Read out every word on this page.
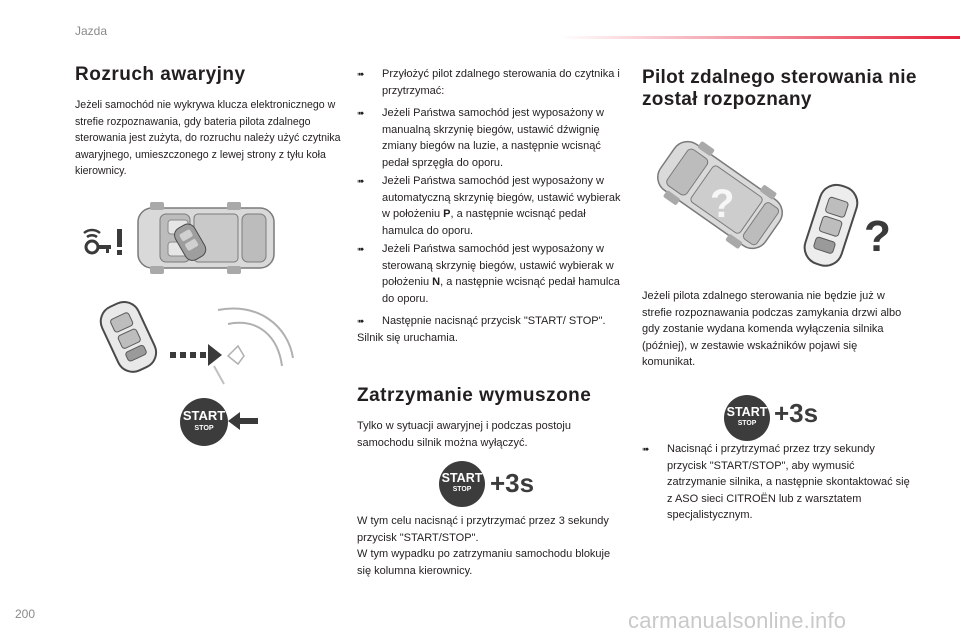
Jazda
Rozruch awaryjny

Jeżeli samochód nie wykrywa klucza elektronicznego w strefie rozpoznawania, gdy bateria pilota zdalnego sterowania jest zużyta, do rozruchu należy użyć czytnika awaryjnego, umieszczonego z lewej strony z tyłu koła kierownicy.

START
STOP
➠ Przyłożyć pilot zdalnego sterowania do czytnika i przytrzymać:
➠ Jeżeli Państwa samochód jest wyposażony w manualną skrzynię biegów, ustawić dźwignię zmiany biegów na luzie, a następnie wcisnąć pedał sprzęgła do oporu.
➠ Jeżeli Państwa samochód jest wyposażony w automatyczną skrzynię biegów, ustawić wybierak w położeniu P, a następnie wcisnąć pedał hamulca do oporu.
➠ Jeżeli Państwa samochód jest wyposażony w sterowaną skrzynię biegów, ustawić wybierak w położeniu N, a następnie wcisnąć pedał hamulca do oporu.
➠ Następnie nacisnąć przycisk "START/ STOP".
Silnik się uruchamia.
Zatrzymanie wymuszone

Tylko w sytuacji awaryjnej i podczas postoju samochodu silnik można wyłączyć.

START
STOP +3s

W tym celu nacisnąć i przytrzymać przez 3 sekundy przycisk "START/STOP".
W tym wypadku po zatrzymaniu samochodu blokuje się kolumna kierownicy.

Pilot zdalnego sterowania nie został rozpoznany
?
?

Jeżeli pilota zdalnego sterowania nie będzie już w strefie rozpoznawania podczas zamykania drzwi albo gdy zostanie wydana komenda wyłączenia silnika (później), w zestawie wskaźników pojawi się komunikat.

START
STOP +3s
➠ Nacisnąć i przytrzymać przez trzy sekundy przycisk "START/STOP", aby wymusić zatrzymanie silnika, a następnie skontaktować się z ASO sieci CITROËN lub z warsztatem specjalistycznym.
200	carmanualsonline.info
